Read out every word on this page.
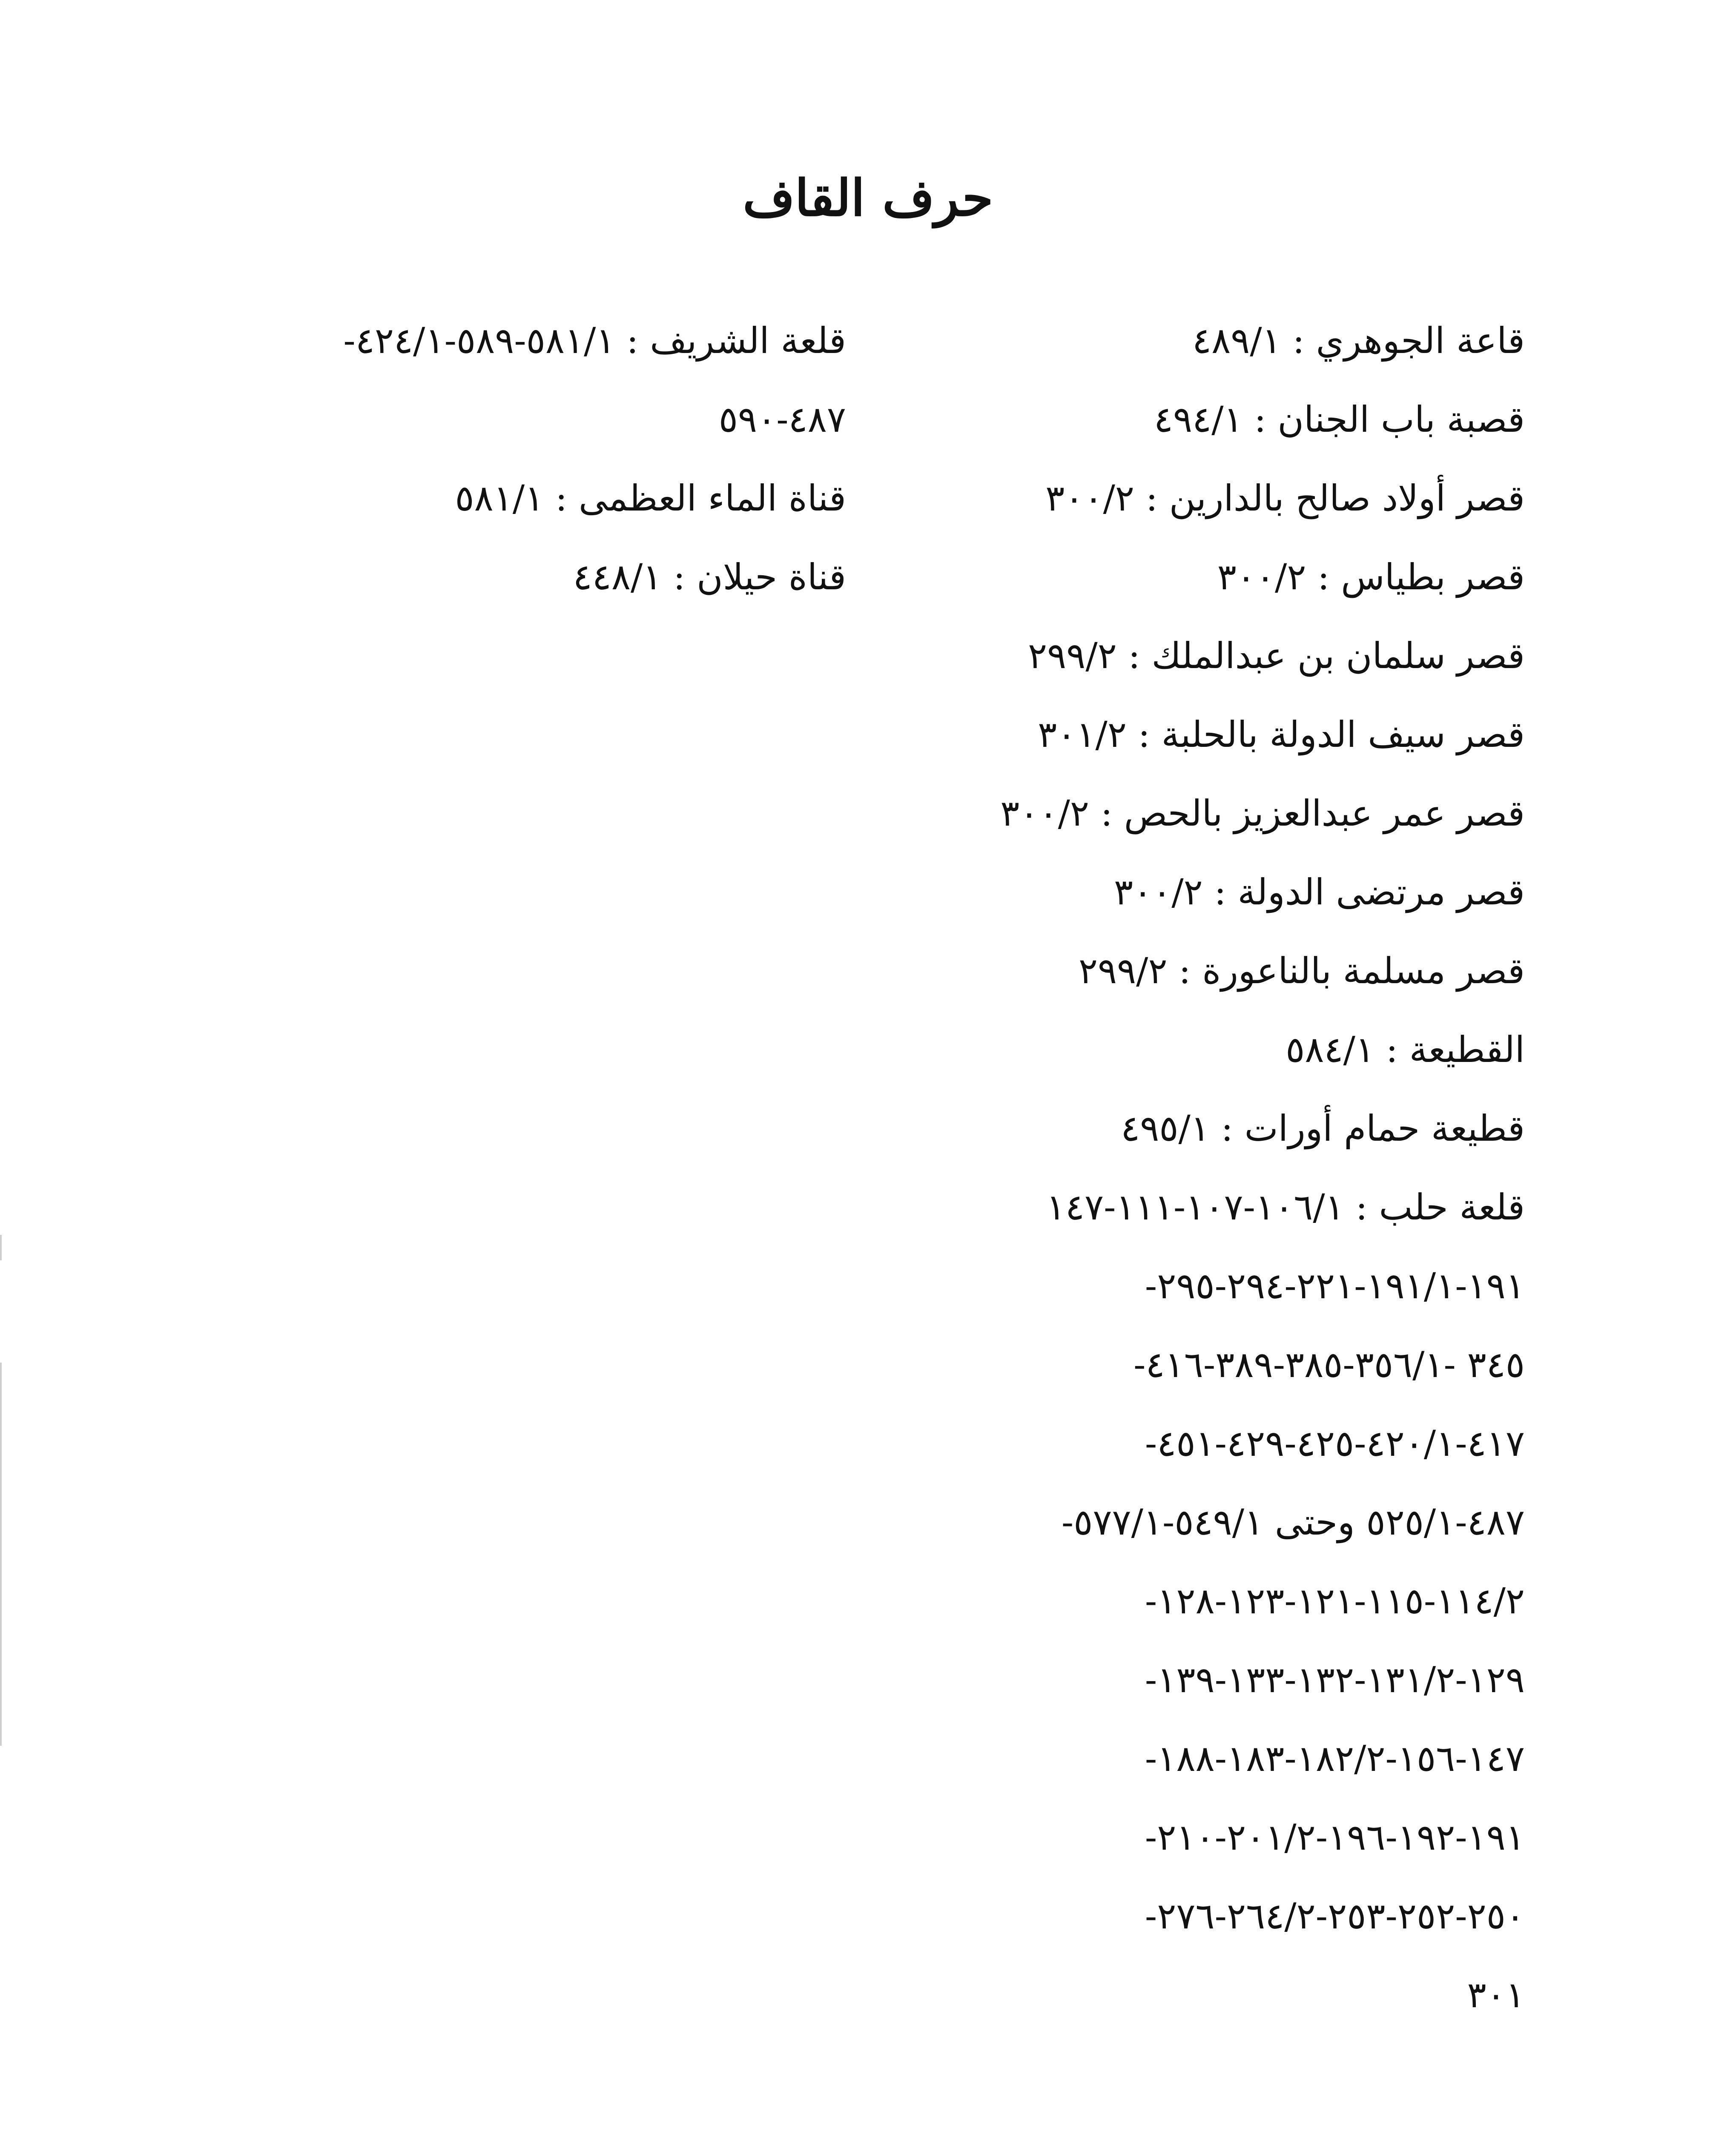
حرف القاف
قاعة الجوهري : ٤٨٩/١
قصبة باب الجنان : ٤٩٤/١
قصر أولاد صالح بالدارين : ٣٠٠/٢
قصر بطياس : ٣٠٠/٢
قصر سلمان بن عبدالملك : ٢٩٩/٢
قصر سيف الدولة بالحلبة : ٣٠١/٢
قصر عمر عبدالعزيز بالحص : ٣٠٠/٢
قصر مرتضى الدولة : ٣٠٠/٢
قصر مسلمة بالناعورة : ٢٩٩/٢
القطيعة : ٥٨٤/١
قطيعة حمام أورات : ٤٩٥/١
قلعة حلب : ١٠٦/١-١٠٧-١١١-١٤٧
١٩١-١٩١/١-٢٢١-٢٩٤-٢٩٥-
٣٤٥ -٣٥٦/١-٣٨٥-٣٨٩-٤١٦-
٤١٧-٤٢٠/١-٤٢٥-٤٢٩-٤٥١-
٤٨٧-٥٢٥/١ وحتى ٥٤٩/١-٥٧٧/١-
١١٤/٢-١١٥-١٢١-١٢٣-١٢٨-
١٢٩-١٣١/٢-١٣٢-١٣٣-١٣٩-
١٤٧-١٥٦-١٨٢/٢-١٨٣-١٨٨-
١٩١-١٩٢-١٩٦-٢٠١/٢-٢١٠-
٢٥٠-٢٥٢-٢٥٣-٢٦٤/٢-٢٧٦-
٣٠١
قلعة الشريف : ٥٨١/١-٥٨٩-٤٢٤/١-
٤٨٧-٥٩٠
قناة الماء العظمى : ٥٨١/١
قناة حيلان : ٤٤٨/١
